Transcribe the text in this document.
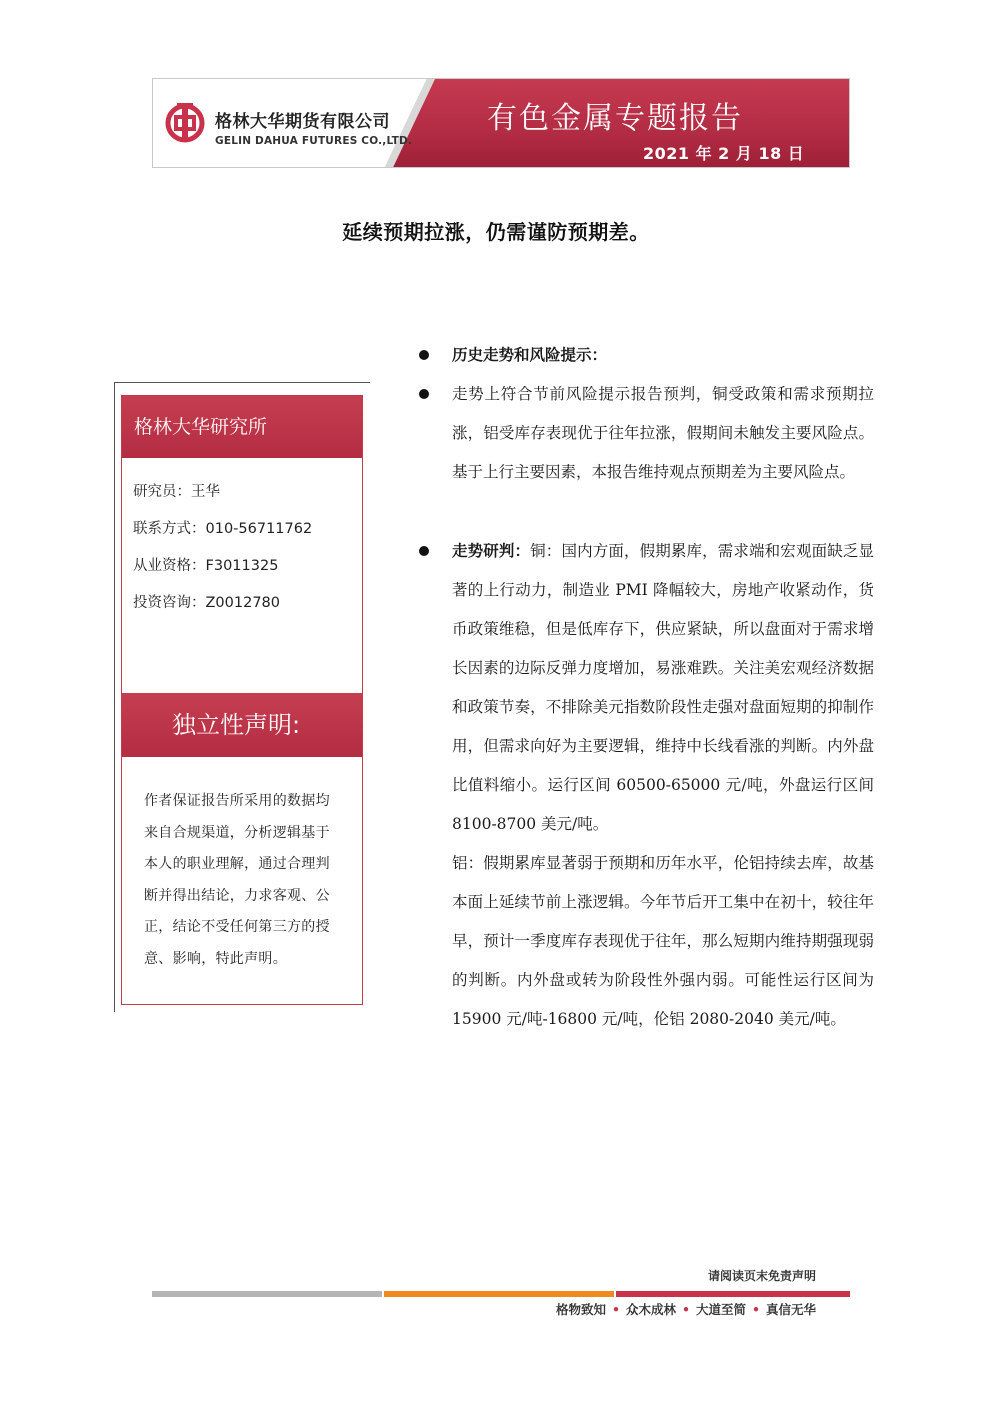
格林大华期货有限公司
GELIN DAHUA FUTURES CO.,LTD.
有色金属专题报告
2021 年 2 月 18 日
延续预期拉涨，仍需谨防预期差。
格林大华研究所
研究员：王华
联系方式：010-56711762
从业资格：F3011325
投资咨询：Z0012780
独立性声明:
作者保证报告所采用的数据均来自合规渠道，分析逻辑基于本人的职业理解，通过合理判断并得出结论，力求客观、公正，结论不受任何第三方的授意、影响，特此声明。

历史走势和风险提示：

走势上符合节前风险提示报告预判，铜受政策和需求预期拉涨，铝受库存表现优于往年拉涨，假期间未触发主要风险点。基于上行主要因素，本报告维持观点预期差为主要风险点。

走势研判：铜：国内方面，假期累库，需求端和宏观面缺乏显著的上行动力，制造业 PMI 降幅较大，房地产收紧动作，货币政策维稳，但是低库存下，供应紧缺，所以盘面对于需求增长因素的边际反弹力度增加，易涨难跌。关注美宏观经济数据和政策节奏，不排除美元指数阶段性走强对盘面短期的抑制作用，但需求向好为主要逻辑，维持中长线看涨的判断。内外盘比值料缩小。运行区间 60500-65000 元/吨，外盘运行区间 8100-8700 美元/吨。

铝：假期累库显著弱于预期和历年水平，伦铝持续去库，故基本面上延续节前上涨逻辑。今年节后开工集中在初十，较往年早，预计一季度库存表现优于往年，那么短期内维持期强现弱的判断。内外盘或转为阶段性外强内弱。可能性运行区间为 15900 元/吨-16800 元/吨，伦铝 2080-2040 美元/吨。

请阅读页末免责声明
格物致知 • 众木成林 • 大道至简 • 真信无华
